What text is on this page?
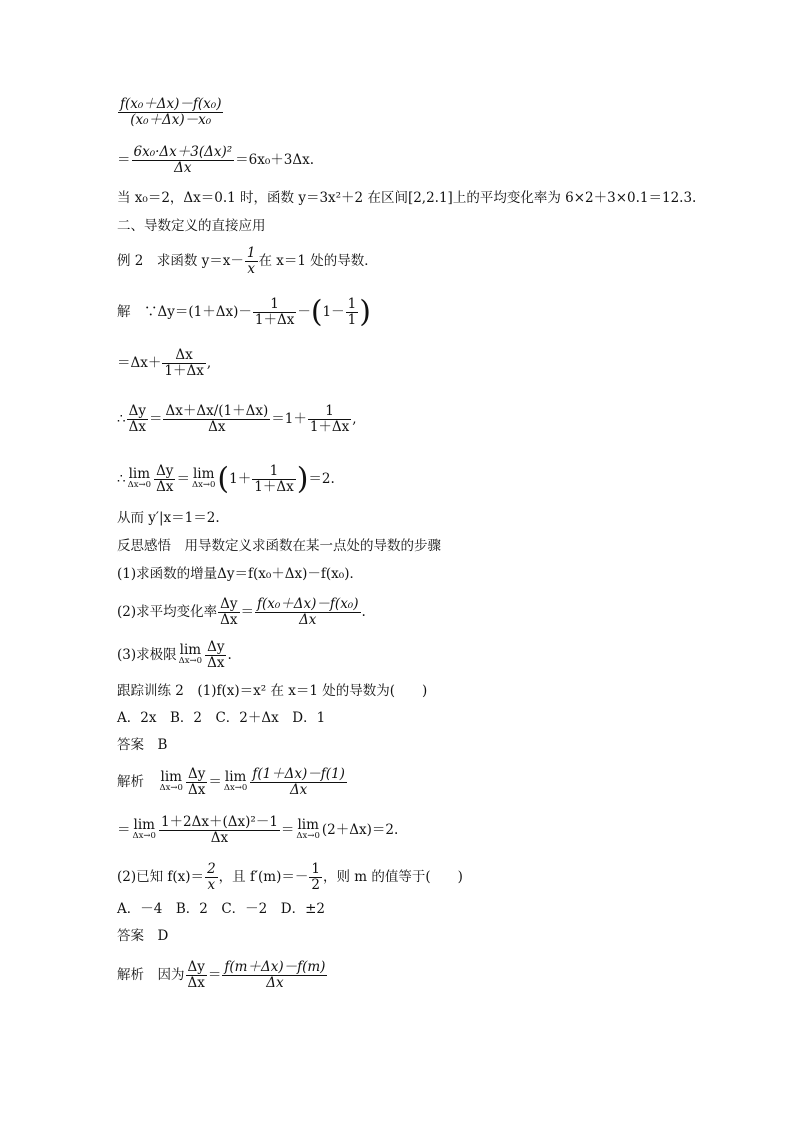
$\frac{\text{f(x₀＋Δx)－f(x₀)}}{\text{(x₀＋Δx)－x₀}}$
＝ $\frac{\text{6x₀·Δx＋3(Δx)²}}{\Delta x} =6x_0+3\Delta x$.
当 x₀＝2，Δx＝0.1 时，函数 y＝3x²＋2 在区间[2,2.1]上的平均变化率为 6×2＋3×0.1＝12.3.
二、导数定义的直接应用
例 2　求函数 $y=x- \frac{1}{x}$ 在 x＝1 处的导数．
解　∵Δy＝(1＋Δx)－ $\frac{1}{1+\Delta x} -(1- \frac{1}{1}$ )
$=\Delta x+ \frac{\Delta x}{1+\Delta x}$ ,
∴ $\frac{\Delta y}{\Delta x} = \frac{\Delta x+\Delta x/(1+\Delta x)}{\Delta x} =1+ \frac{1}{1+\Delta x}$ ,
∴ lim
$\Delta x\to 0 \frac{\Delta y}{\Delta x} = \lim$
Δx→0 $(1+ \frac{1}{1+\Delta x} )=2$.
从而 y′|x＝1＝2.
反思感悟　用导数定义求函数在某一点处的导数的步骤
(1)求函数的增量Δy＝f(x₀＋Δx)－f(x₀)．
(2)求平均变化率 $\frac{\Delta y}{\Delta x} = \frac{\text{f(x₀＋Δx)－f(x₀)}}{\Delta x}$ .
(3)求极限 lim
$\Delta x\to 0 \frac{\Delta y}{\Delta x}$ .
跟踪训练 2　(1)f(x)＝x² 在 x＝1 处的导数为(　　)
A．2x　B．2　C．2＋Δx　D．1
答案　B
解析　 lim
$\Delta x\to 0 \frac{\Delta y}{\Delta x} = \lim$
$\Delta x\to 0 \frac{f(1+\Delta x)-f(1)}{\Delta x}$
＝ lim
$\Delta x\to 0 \frac{\text{1＋2Δx＋(Δx)²－1}}{\Delta x} = \lim$
Δx→0 (2＋Δx)＝2.
(2)已知 $f(x)= \frac{2}{x}$ ，且 $f'(m)=- \frac{1}{2}$ ，则 m 的值等于(　　)
A．－4　B．2　C．－2　D．±2
答案　D
解析　因为 $\frac{\Delta y}{\Delta x} = \frac{f(m+\Delta x)-f(m)}{\Delta x}$
